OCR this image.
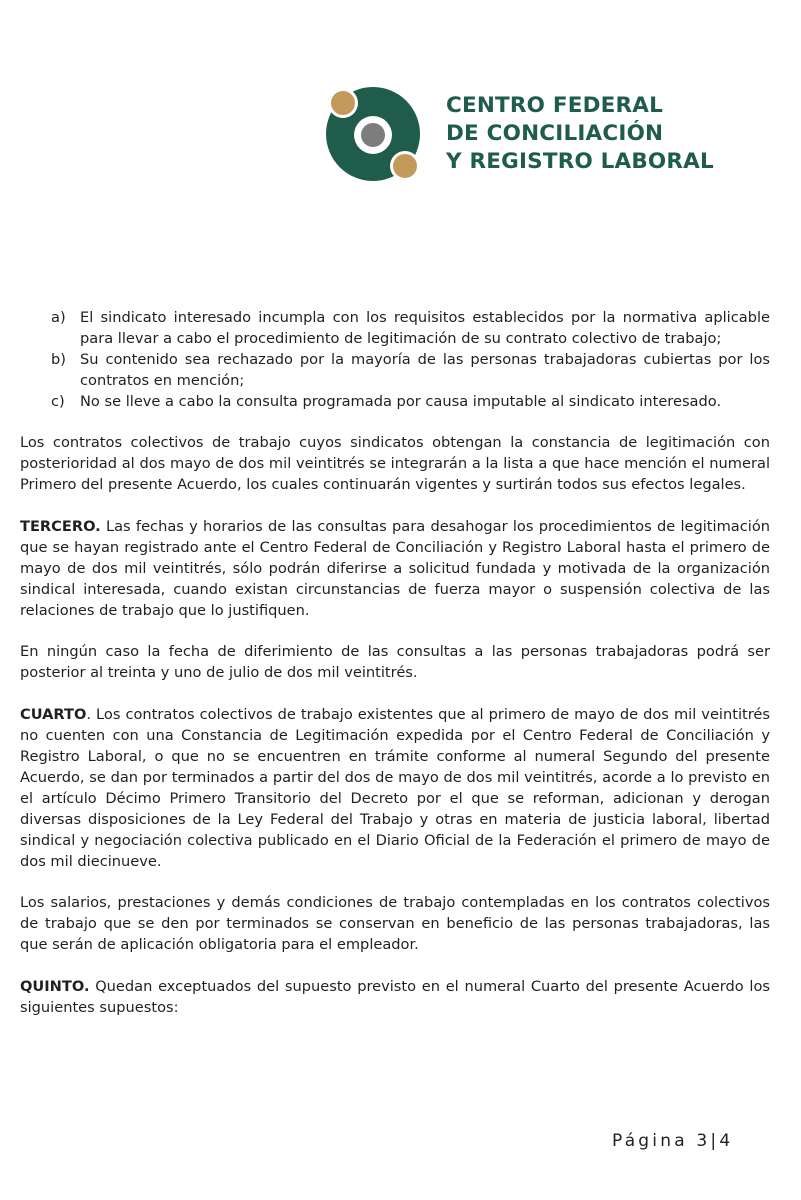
CENTRO FEDERAL
DE CONCILIACIÓN
Y REGISTRO LABORAL
a) El sindicato interesado incumpla con los requisitos establecidos por la normativa aplicable para llevar a cabo el procedimiento de legitimación de su contrato colectivo de trabajo;
b) Su contenido sea rechazado por la mayoría de las personas trabajadoras cubiertas por los contratos en mención;
c) No se lleve a cabo la consulta programada por causa imputable al sindicato interesado.

Los contratos colectivos de trabajo cuyos sindicatos obtengan la constancia de legitimación con posterioridad al dos mayo de dos mil veintitrés se integrarán a la lista a que hace mención el numeral Primero del presente Acuerdo, los cuales continuarán vigentes y surtirán todos sus efectos legales.

TERCERO. Las fechas y horarios de las consultas para desahogar los procedimientos de legitimación que se hayan registrado ante el Centro Federal de Conciliación y Registro Laboral hasta el primero de mayo de dos mil veintitrés, sólo podrán diferirse a solicitud fundada y motivada de la organización sindical interesada, cuando existan circunstancias de fuerza mayor o suspensión colectiva de las relaciones de trabajo que lo justifiquen.

En ningún caso la fecha de diferimiento de las consultas a las personas trabajadoras podrá ser posterior al treinta y uno de julio de dos mil veintitrés.

CUARTO. Los contratos colectivos de trabajo existentes que al primero de mayo de dos mil veintitrés no cuenten con una Constancia de Legitimación expedida por el Centro Federal de Conciliación y Registro Laboral, o que no se encuentren en trámite conforme al numeral Segundo del presente Acuerdo, se dan por terminados a partir del dos de mayo de dos mil veintitrés, acorde a lo previsto en el artículo Décimo Primero Transitorio del Decreto por el que se reforman, adicionan y derogan diversas disposiciones de la Ley Federal del Trabajo y otras en materia de justicia laboral, libertad sindical y negociación colectiva publicado en el Diario Oficial de la Federación el primero de mayo de dos mil diecinueve.

Los salarios, prestaciones y demás condiciones de trabajo contempladas en los contratos colectivos de trabajo que se den por terminados se conservan en beneficio de las personas trabajadoras, las que serán de aplicación obligatoria para el empleador.

QUINTO. Quedan exceptuados del supuesto previsto en el numeral Cuarto del presente Acuerdo los siguientes supuestos:

Página 3|4
